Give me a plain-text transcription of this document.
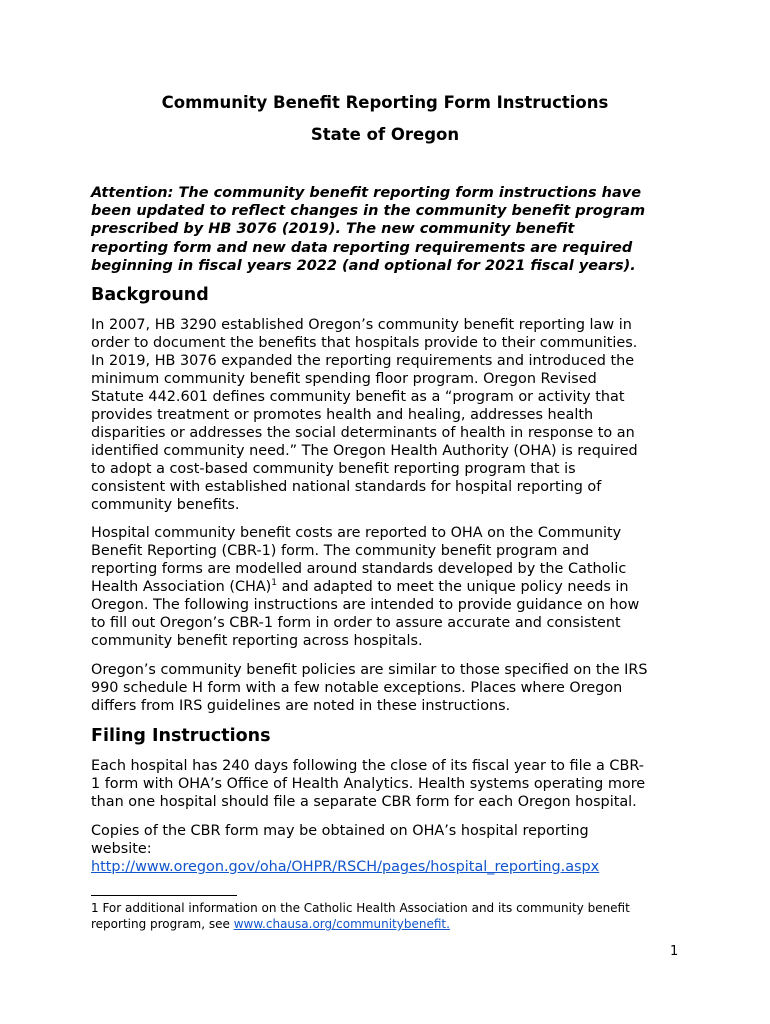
Community Benefit Reporting Form Instructions
State of Oregon

Attention: The community benefit reporting form instructions have
been updated to reflect changes in the community benefit program
prescribed by HB 3076 (2019). The new community benefit
reporting form and new data reporting requirements are required
beginning in fiscal years 2022 (and optional for 2021 fiscal years).

Background

In 2007, HB 3290 established Oregon’s community benefit reporting law in
order to document the benefits that hospitals provide to their communities.
In 2019, HB 3076 expanded the reporting requirements and introduced the
minimum community benefit spending floor program. Oregon Revised
Statute 442.601 defines community benefit as a “program or activity that
provides treatment or promotes health and healing, addresses health
disparities or addresses the social determinants of health in response to an
identified community need.” The Oregon Health Authority (OHA) is required
to adopt a cost-based community benefit reporting program that is
consistent with established national standards for hospital reporting of
community benefits.

Hospital community benefit costs are reported to OHA on the Community
Benefit Reporting (CBR-1) form. The community benefit program and
reporting forms are modelled around standards developed by the Catholic
Health Association (CHA)$^1$ and adapted to meet the unique policy needs in
Oregon. The following instructions are intended to provide guidance on how
to fill out Oregon’s CBR-1 form in order to assure accurate and consistent
community benefit reporting across hospitals.

Oregon’s community benefit policies are similar to those specified on the IRS
990 schedule H form with a few notable exceptions. Places where Oregon
differs from IRS guidelines are noted in these instructions.

Filing Instructions

Each hospital has 240 days following the close of its fiscal year to file a CBR-
1 form with OHA’s Office of Health Analytics. Health systems operating more
than one hospital should file a separate CBR form for each Oregon hospital.

Copies of the CBR form may be obtained on OHA’s hospital reporting
website:
http://www.oregon.gov/oha/OHPR/RSCH/pages/hospital_reporting.aspx

1 For additional information on the Catholic Health Association and its community benefit
reporting program, see www.chausa.org/communitybenefit.

1
